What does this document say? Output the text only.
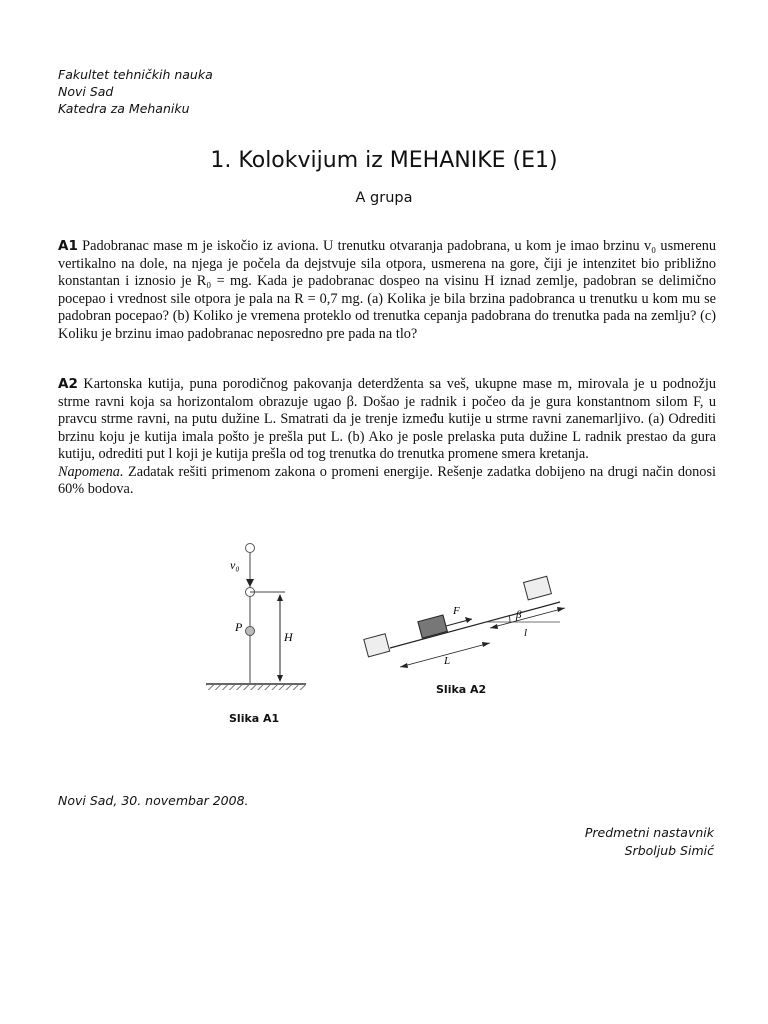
Fakultet tehničkih nauka
Novi Sad
Katedra za Mehaniku
1. Kolokvijum iz MEHANIKE (E1)
A grupa
A1 Padobranac mase m je iskočio iz aviona. U trenutku otvaranja padobrana, u kom je imao brzinu v₀ usmerenu vertikalno na dole, na njega je počela da dejstvuje sila otpora, usmerena na gore, čiji je intenzitet bio približno konstantan i iznosio je R₀ = mg. Kada je padobranac dospeo na visinu H iznad zemlje, padobran se delimično pocepao i vrednost sile otpora je pala na R = 0,7 mg. (a) Kolika je bila brzina padobranca u trenutku u kom mu se padobran pocepao? (b) Koliko je vremena proteklo od trenutka cepanja padobrana do trenutka pada na zemlju? (c) Koliku je brzinu imao padobranac neposredno pre pada na tlo?
A2 Kartonska kutija, puna porodičnog pakovanja deterdženta sa veš, ukupne mase m, mirovala je u podnožju strme ravni koja sa horizontalom obrazuje ugao β. Došao je radnik i počeo da je gura konstantnom silom F, u pravcu strme ravni, na putu dužine L. Smatrati da je trenje između kutije u strme ravni zanemarljivo. (a) Odrediti brzinu koju je kutija imala pošto je prešla put L. (b) Ako je posle prelaska puta dužine L radnik prestao da gura kutiju, odrediti put l koji je kutija prešla od tog trenutka do trenutka promene smera kretanja.
Napomena. Zadatak rešiti primenom zakona o promeni energije. Rešenje zadatka dobijeno na drugi način donosi 60% bodova.
v₀
P
H
Slika A1
F	β
l
L
Slika A2
Novi Sad, 30. novembar 2008.
Predmetni nastavnik
Srboljub Simić
